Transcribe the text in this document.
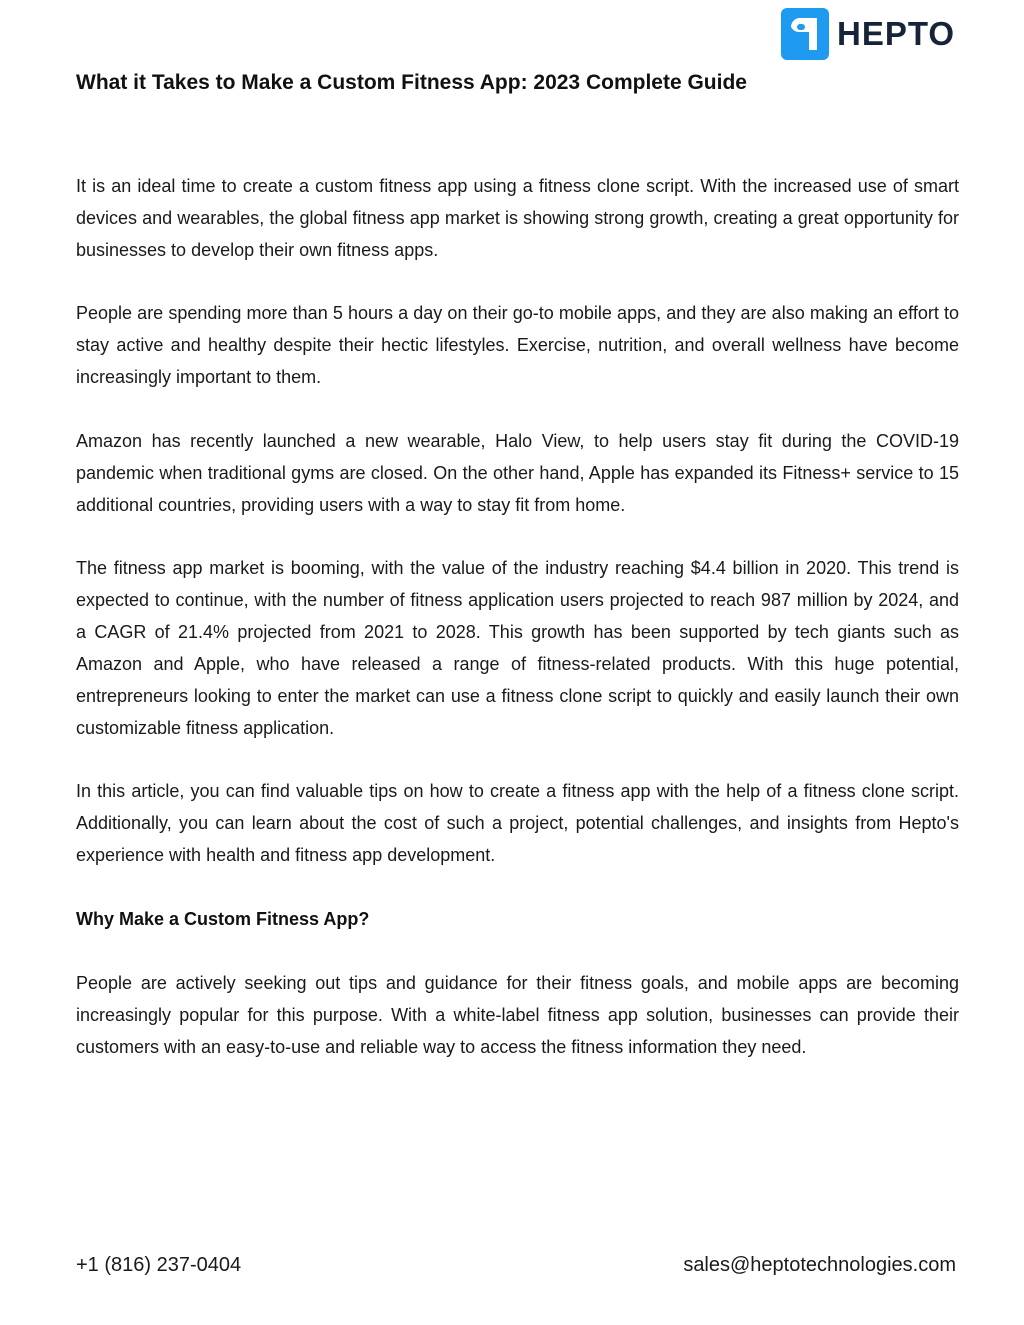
HEPTO
What it Takes to Make a Custom Fitness App: 2023 Complete Guide

It is an ideal time to create a custom fitness app using a fitness clone script. With the increased use of smart devices and wearables, the global fitness app market is showing strong growth, creating a great opportunity for businesses to develop their own fitness apps.

People are spending more than 5 hours a day on their go-to mobile apps, and they are also making an effort to stay active and healthy despite their hectic lifestyles. Exercise, nutrition, and overall wellness have become increasingly important to them.

Amazon has recently launched a new wearable, Halo View, to help users stay fit during the COVID-19 pandemic when traditional gyms are closed. On the other hand, Apple has expanded its Fitness+ service to 15 additional countries, providing users with a way to stay fit from home.

The fitness app market is booming, with the value of the industry reaching $4.4 billion in 2020. This trend is expected to continue, with the number of fitness application users projected to reach 987 million by 2024, and a CAGR of 21.4% projected from 2021 to 2028. This growth has been supported by tech giants such as Amazon and Apple, who have released a range of fitness-related products. With this huge potential, entrepreneurs looking to enter the market can use a fitness clone script to quickly and easily launch their own customizable fitness application.

In this article, you can find valuable tips on how to create a fitness app with the help of a fitness clone script. Additionally, you can learn about the cost of such a project, potential challenges, and insights from Hepto's experience with health and fitness app development.

Why Make a Custom Fitness App?

People are actively seeking out tips and guidance for their fitness goals, and mobile apps are becoming increasingly popular for this purpose. With a white-label fitness app solution, businesses can provide their customers with an easy-to-use and reliable way to access the fitness information they need.

+1 (816) 237-0404	sales@heptotechnologies.com
